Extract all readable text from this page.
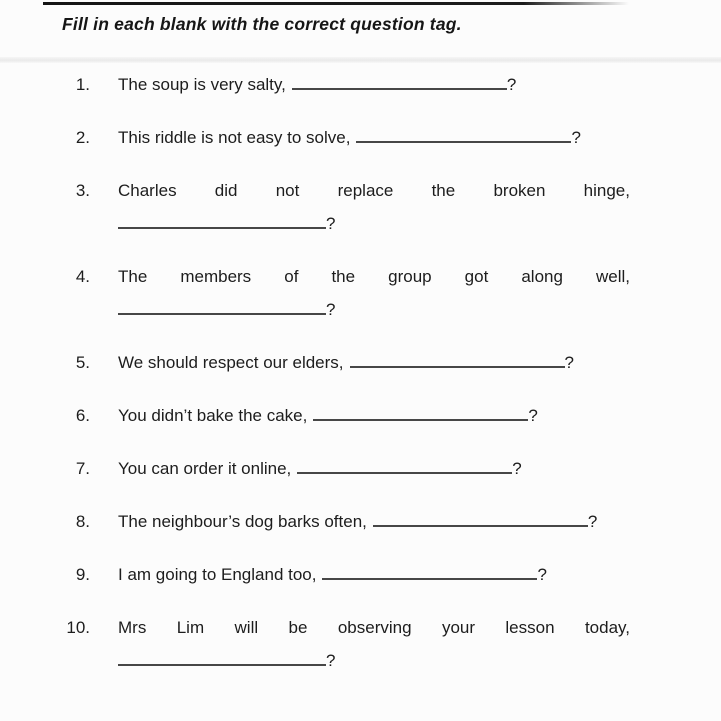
Fill in each blank with the correct question tag.
1.	The soup is very salty,	?
2.	This riddle is not easy to solve,	?
3.	Charles did not replace the broken hinge,
?
4.	The members of the group got along well,
?
5.	We should respect our elders,	?
6.	You didn’t bake the cake,	?
7.	You can order it online,	?
8.	The neighbour’s dog barks often,	?
9.	I am going to England too,	?
10.	Mrs Lim will be observing your lesson today,
?
